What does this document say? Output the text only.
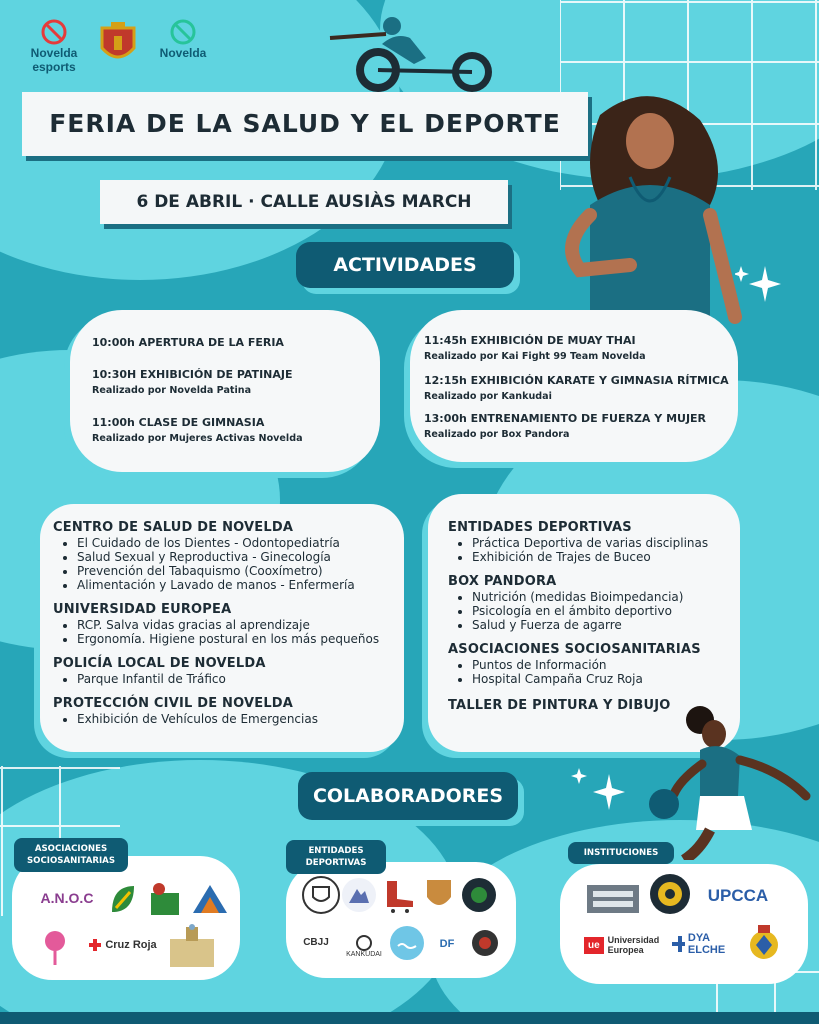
Novelda esports
Novelda
FERIA DE LA SALUD Y EL DEPORTE
6 DE ABRIL · CALLE AUSIÀS MARCH
ACTIVIDADES
10:00h APERTURA DE LA FERIA
10:30H EXHIBICIÓN DE PATINAJE
Realizado por Novelda Patina
11:00h CLASE DE GIMNASIA
Realizado por Mujeres Activas Novelda
11:45h EXHIBICIÓN DE MUAY THAI
Realizado por Kai Fight 99 Team Novelda
12:15h EXHIBICIÓN KARATE Y GIMNASIA RÍTMICA
Realizado por Kankudai
13:00h ENTRENAMIENTO DE FUERZA Y MUJER
Realizado por Box Pandora
CENTRO DE SALUD DE NOVELDA
• El Cuidado de los Dientes - Odontopediatría
• Salud Sexual y Reproductiva - Ginecología
• Prevención del Tabaquismo (Cooxímetro)
• Alimentación y Lavado de manos - Enfermería
UNIVERSIDAD EUROPEA
• RCP. Salva vidas gracias al aprendizaje
• Ergonomía. Higiene postural en los más pequeños
POLICÍA LOCAL DE NOVELDA
• Parque Infantil de Tráfico
PROTECCIÓN CIVIL DE NOVELDA
• Exhibición de Vehículos de Emergencias
ENTIDADES DEPORTIVAS
• Práctica Deportiva de varias disciplinas
• Exhibición de Trajes de Buceo
BOX PANDORA
• Nutrición (medidas Bioimpedancia)
• Psicología en el ámbito deportivo
• Salud y Fuerza de agarre
ASOCIACIONES SOCIOSANITARIAS
• Puntos de Información
• Hospital Campaña Cruz Roja
TALLER DE PINTURA Y DIBUJO
COLABORADORES
A.N.O.C
Cruz Roja
ASOCIACIONES SOCIOSANITARIAS
CBJJ
KANKUDAI
DF
ENTIDADES DEPORTIVAS
UPCCA
ue Universidad Europea
DYA ELCHE
INSTITUCIONES
